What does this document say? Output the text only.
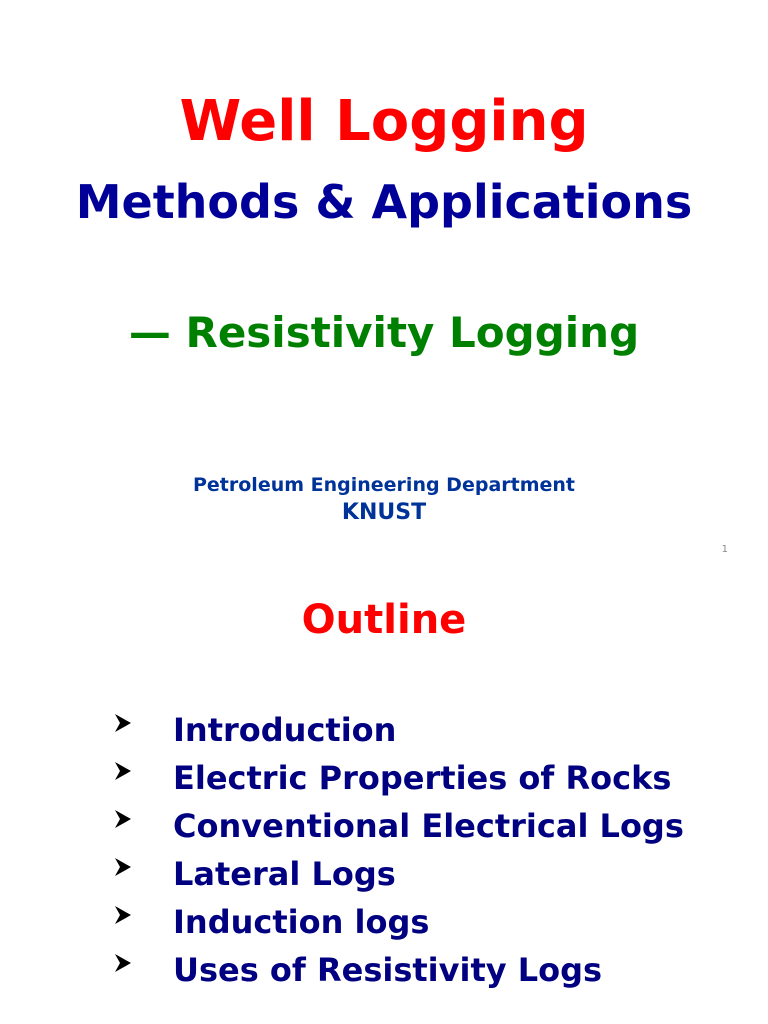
Well Logging
Methods & Applications
— Resistivity Logging
Petroleum Engineering Department
KNUST
1
Outline
Introduction
Electric Properties of Rocks
Conventional Electrical Logs
Lateral Logs
Induction logs
Uses of Resistivity Logs
